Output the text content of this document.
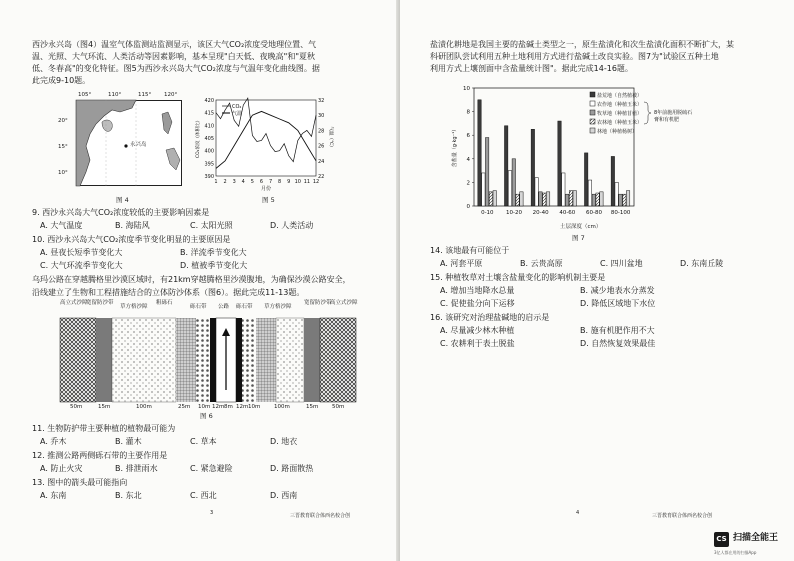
西沙永兴岛（图4）温室气体监测站监测显示，该区大气CO₂浓度受地理位置、气
温、光照、大气环流、人类活动等因素影响，基本呈现"白天低、夜晚高"和"夏秋
低、冬春高"的变化特征。图5为西沙永兴岛大气CO₂浓度与气温年变化曲线图。据
此完成9-10题。
105°	110°	115° 120°
20°
15°
10°
永兴岛
图 4
390
395
400
405
410
415
420
22
24
26
28
30
32
1 2 3 4 5 6 7 8 9 10 11 12
月份
CO₂浓度（体积比）	气温（℃）
CO₂
气温
图 5
9. 西沙永兴岛大气CO₂浓度较低的主要影响因素是
A. 大气温度	B. 海陆风	C. 太阳光照	D. 人类活动
10. 西沙永兴岛大气CO₂浓度季节变化明显的主要原因是
A. 昼夜长短季节变化大	B. 洋流季节变化大
C. 大气环流季节变化大	D. 植被季节变化大
乌玛公路在穿越腾格里沙漠区域时，有21km穿越腾格里沙漠腹地，为确保沙漠公路安全，
沿线建立了生物和工程措施结合的立体防沙体系（图6）。据此完成11-13题。
高立式沙障
宽留防沙带
草方格沙障
粗砾石
砾石带 公路 砾石带 草方格沙障
宽留防沙带
高立式沙障
50m	15m	100m	25m 10m 12m 8m 12m 10m 100m	15m 50m
图 6
11. 生物防护带主要种植的植物最可能为
A. 乔木	B. 灌木	C. 草本	D. 地衣
12. 推测公路两侧砾石带的主要作用是
A. 防止火灾	B. 排泄雨水	C. 紧急避险	D. 路面散热
13. 图中的箭头最可能指向
A. 东南	B. 东北	C. 西北	D. 西南
3	三晋教育联合体西名校合创
盐渍化耕地是我国主要的盐碱土类型之一，原生盐渍化和次生盐渍化面积不断扩大，某
科研团队尝试利用五种土地利用方式进行盐碱土改良实验。图7为"试验区五种土地
利用方式上壤剖面中含盐量统计图"。据此完成14-16题。
0
2
4
6
8
10
含盐量（g·kg⁻¹）
0-10 10-20 20-40 40-60 60-80 80-100
盐荒地（自然植被）
农作地（种植玉米）
牧草地（种植苜蓿）
农林地（种植玉米）
林地（种植杨树）
8年前施用脱硫石
膏和有机肥
土层深度（cm）
图 7
14. 该地最有可能位于
A. 河套平原	B. 云贵高原	C. 四川盆地	D. 东南丘陵
15. 种植牧草对土壤含盐量变化的影响机制主要是
A. 增加当地降水总量	B. 减少地表水分蒸发
C. 促使盐分向下运移	D. 降低区域地下水位
16. 该研究对治理盐碱地的启示是
A. 尽量减少林木种植	B. 施有机肥作用不大
C. 农耕利于表土脱盐	D. 自然恢复效果最佳
4	三晋教育联合体西名校合创
CS 扫描全能王
3亿人都在用的扫描App
